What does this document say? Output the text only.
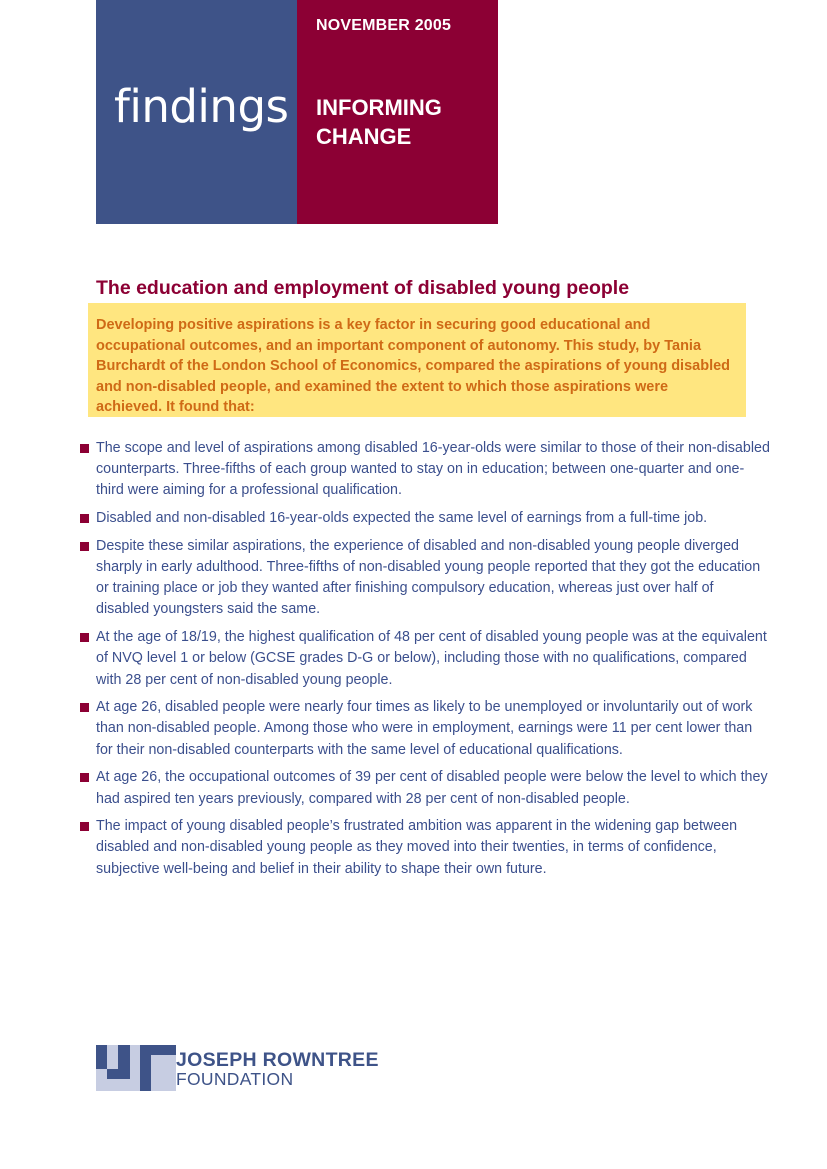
findings
NOVEMBER 2005
INFORMING
CHANGE
The education and employment of disabled young people
Developing positive aspirations is a key factor in securing good educational and occupational outcomes, and an important component of autonomy. This study, by Tania Burchardt of the London School of Economics, compared the aspirations of young disabled and non-disabled people, and examined the extent to which those aspirations were achieved. It found that:
The scope and level of aspirations among disabled 16-year-olds were similar to those of their non-disabled counterparts. Three-fifths of each group wanted to stay on in education; between one-quarter and one-third were aiming for a professional qualification.
Disabled and non-disabled 16-year-olds expected the same level of earnings from a full-time job.
Despite these similar aspirations, the experience of disabled and non-disabled young people diverged sharply in early adulthood. Three-fifths of non-disabled young people reported that they got the education or training place or job they wanted after finishing compulsory education, whereas just over half of disabled youngsters said the same.
At the age of 18/19, the highest qualification of 48 per cent of disabled young people was at the equivalent of NVQ level 1 or below (GCSE grades D-G or below), including those with no qualifications, compared with 28 per cent of non-disabled young people.
At age 26, disabled people were nearly four times as likely to be unemployed or involuntarily out of work than non-disabled people. Among those who were in employment, earnings were 11 per cent lower than for their non-disabled counterparts with the same level of educational qualifications.
At age 26, the occupational outcomes of 39 per cent of disabled people were below the level to which they had aspired ten years previously, compared with 28 per cent of non-disabled people.
The impact of young disabled people’s frustrated ambition was apparent in the widening gap between disabled and non-disabled young people as they moved into their twenties, in terms of confidence, subjective well-being and belief in their ability to shape their own future.
JOSEPH ROWNTREE
FOUNDATION
